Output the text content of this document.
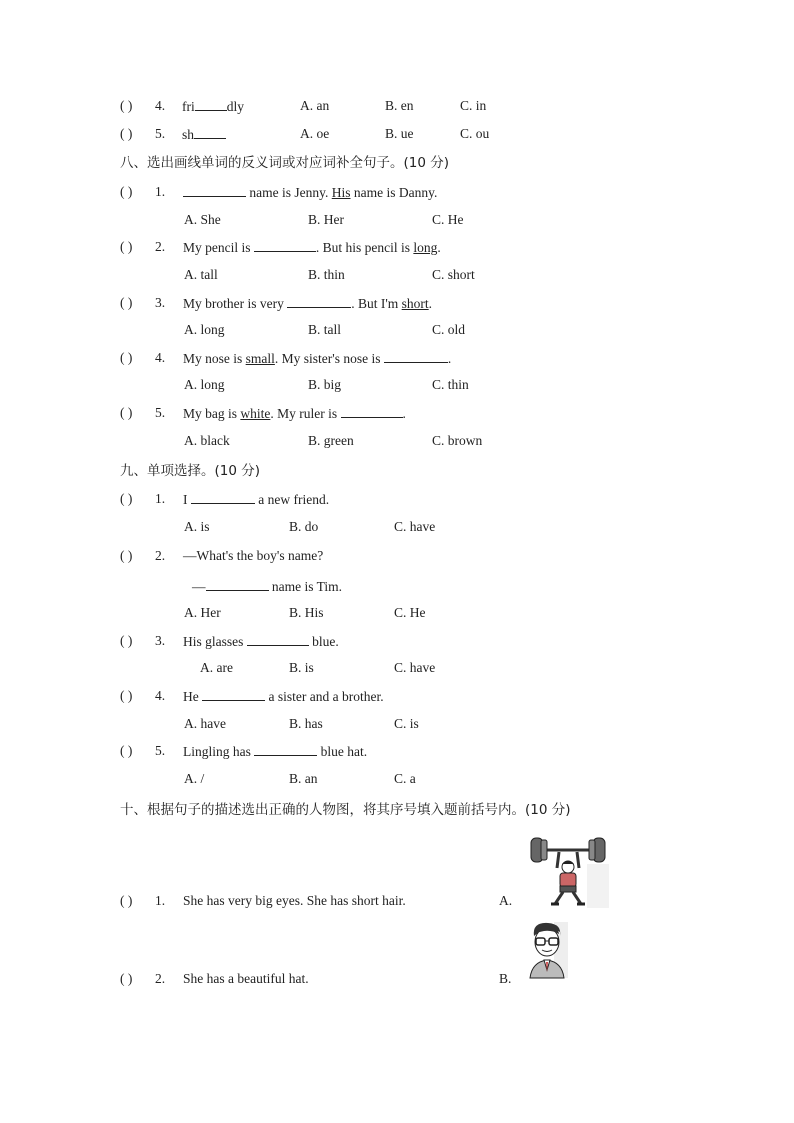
( ) 4. fri dly	A. an	B. en	C. in
( ) 5. sh	A. oe	B. ue	C. ou
八、选出画线单词的反义词或对应词补全句子。(10 分)
( ) 1.	name is Jenny. His name is Danny.
A. She	B. Her	C. He
( ) 2. My pencil is	. But his pencil is long.
A. tall	B. thin	C. short
( ) 3. My brother is very	. But I'm short.
A. long	B. tall	C. old
( ) 4. My nose is small. My sister's nose is	.
A. long	B. big	C. thin
( ) 5. My bag is white. My ruler is	.
A. black	B. green	C. brown
九、单项选择。(10 分)
( ) 1. I	a new friend.
A. is	B. do	C. have
( ) 2. —What's the boy's name?
—	name is Tim.
A. Her	B. His	C. He
( ) 3. His glasses	blue.
A. are	B. is	C. have
( ) 4. He	a sister and a brother.
A. have	B. has	C. is
( ) 5. Lingling has	blue hat.
A. /	B. an	C. a
十、根据句子的描述选出正确的人物图，将其序号填入题前括号内。(10 分)
( ) 1. She has very big eyes. She has short hair.	A.
( ) 2. She has a beautiful hat.	B.
